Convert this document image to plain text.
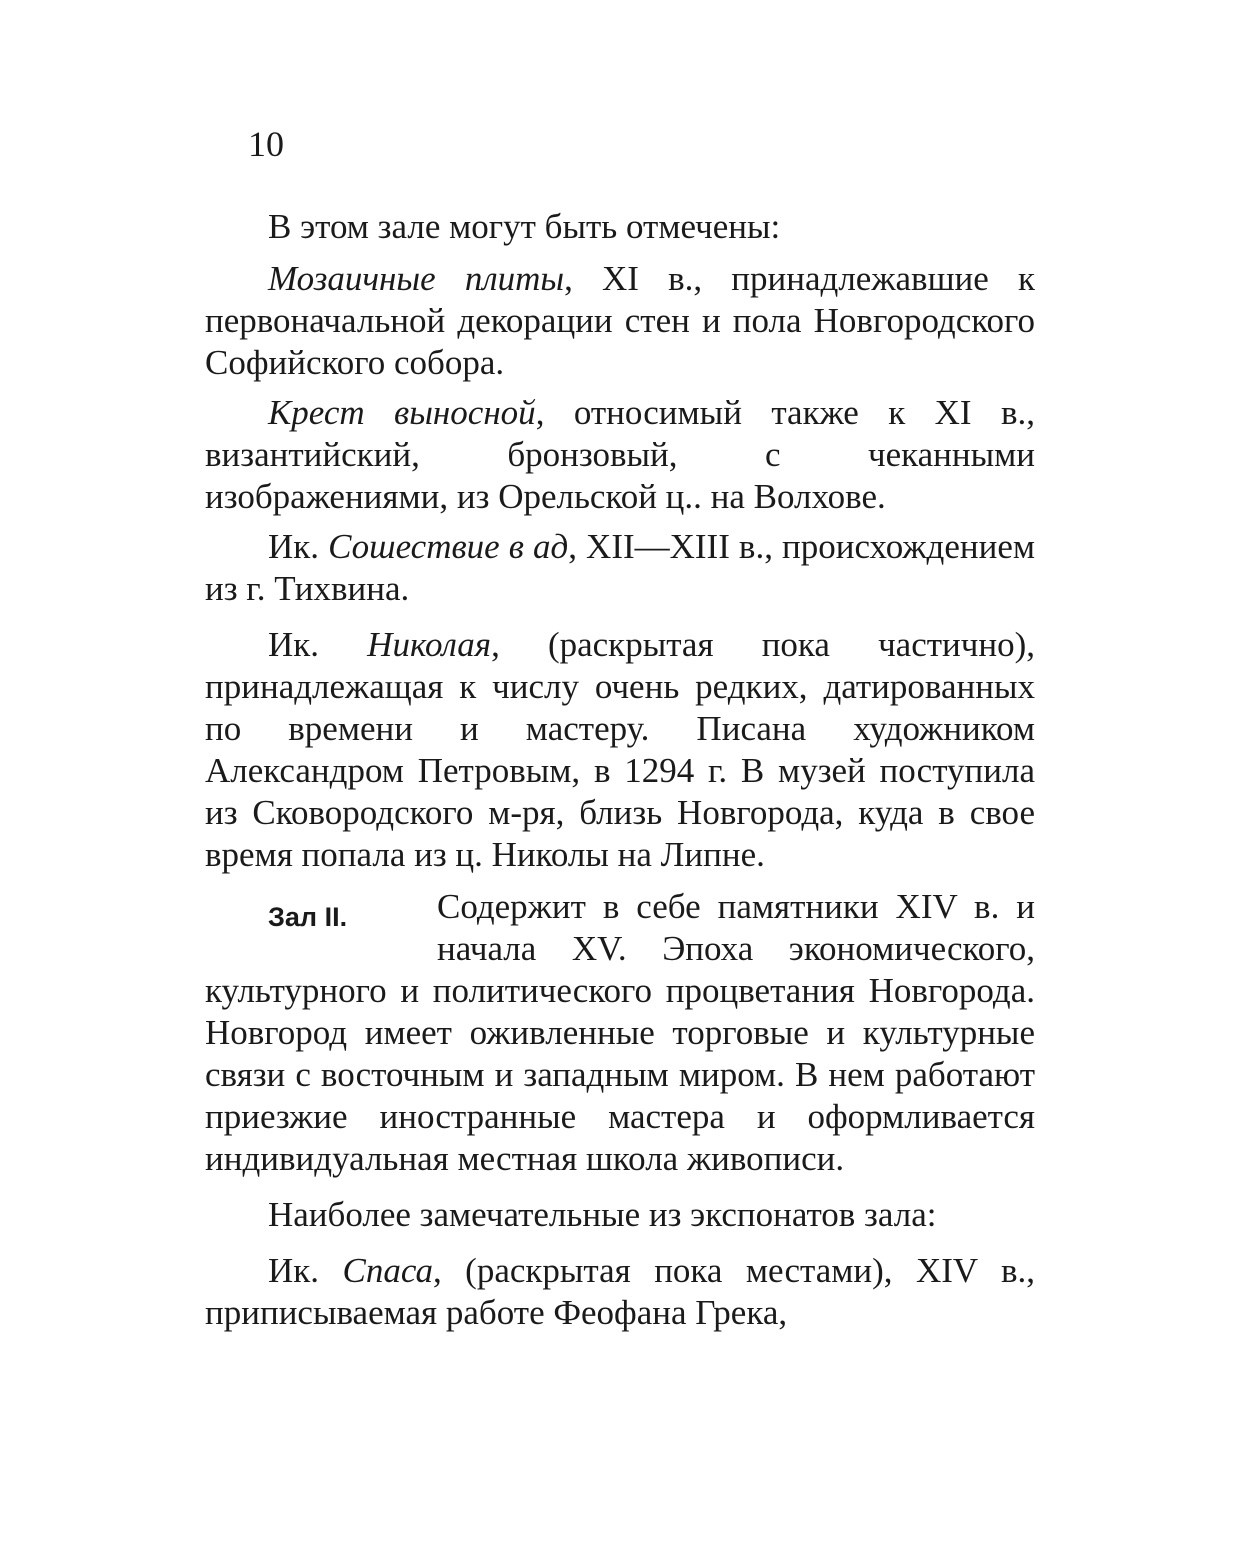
10

В этом зале могут быть отмечены:

Мозаичные плиты, XI в., принадлежавшие к первоначальной декорации стен и пола Новгородского Софийского собора.

Крест выносной, относимый также к XI в., византийский, бронзовый, с чеканными изображениями, из Орельской ц.. на Волхове.

Ик. Сошествие в ад, XII—XIII в., происхождением из г. Тихвина.

Ик. Николая, (раскрытая пока частично), принадлежащая к числу очень редких, датированных по времени и мастеру. Писана художником Александром Петровым, в 1294 г. В музей поступила из Сковородского м-ря, близь Новгорода, куда в свое время попала из ц. Николы на Липне.

Зал II.	Содержит в себе памятники XIV в. и начала XV. Эпоха экономического, культурного и политического процветания Новгорода. Новгород имеет оживленные торговые и культурные связи с восточным и западным миром. В нем работают приезжие иностранные мастера и оформливается индивидуальная местная школа живописи.

Наиболее замечательные из экспонатов зала:

Ик. Спаса, (раскрытая пока местами), XIV в., приписываемая работе Феофана Грека,
